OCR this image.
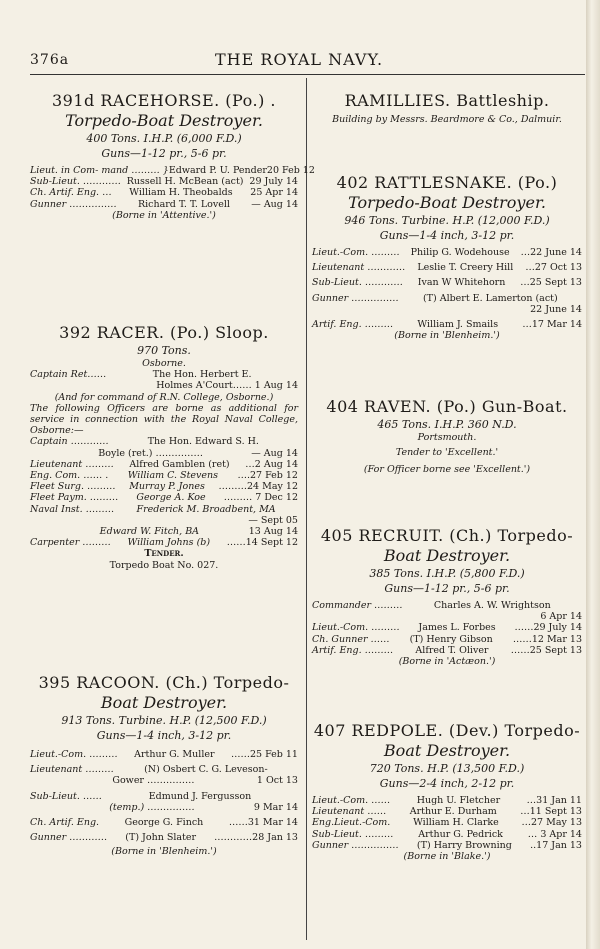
376a	THE ROYAL NAVY.
391d RACEHORSE. (Po.) .
Torpedo-Boat Destroyer.
400 Tons. I.H.P. (6,000 F.D.)
Guns—1-12 pr., 5-6 pr.
Lieut. in Com- mand ……… } Edward P. U. Pender 20 Feb 12
Sub-Lieut. ………… Russell H. McBean (act) 29 July 14
Ch. Artif. Eng. … William H. Theobalds 25 Apr 14
Gunner …………… Richard T. T. Lovell — Aug 14
(Borne in 'Attentive.')
392 RACER. (Po.) Sloop.
970 Tons.
Osborne.
Captain Ret……	The Hon. Herbert E.
Holmes A'Court…… 1 Aug 14
(And for command of R.N. College, Osborne.)
The following Officers are borne as additional for service in connection with the Royal Naval College, Osborne:—
Captain …………	The Hon. Edward S. H.
Boyle (ret.) ……………	— Aug 14
Lieutenant ……… Alfred Gamblen (ret) …2 Aug 14
Eng. Com. …… . William C. Stevens ….27 Feb 12
Fleet Surg. ……… Murray P. Jones ………24 May 12
Fleet Paym. ……… George A. Koe ……… 7 Dec 12
Naval Inst. ……… Frederick M. Broadbent, MA
— Sept 05
Edward W. Fitch, BA	13 Aug 14
Carpenter ……… William Johns (b) ……14 Sept 12
Tender.
Torpedo Boat No. 027.
395 RACOON. (Ch.) Torpedo-
Boat Destroyer.
913 Tons. Turbine. H.P. (12,500 F.D.)
Guns—1-4 inch, 3-12 pr.
Lieut.-Com. ……… Arthur G. Muller ……25 Feb 11
Lieutenant ………	(N) Osbert C. G. Leveson-
Gower ……………	1 Oct 13
Sub-Lieut. ……	Edmund J. Fergusson
(temp.) ……………	9 Mar 14
Ch. Artif. Eng.	George G. Finch	……31 Mar 14
Gunner ………… (T) John Slater …………28 Jan 13
(Borne in 'Blenheim.')
RAMILLIES. Battleship.
Building by Messrs. Beardmore & Co., Dalmuir.
402 RATTLESNAKE. (Po.)
Torpedo-Boat Destroyer.
946 Tons. Turbine. H.P. (12,000 F.D.)
Guns—1-4 inch, 3-12 pr.
Lieut.-Com. ……… Philip G. Wodehouse …22 June 14
Lieutenant ………… Leslie T. Creery Hill …27 Oct 13
Sub-Lieut. ………… Ivan W Whitehorn …25 Sept 13
Gunner ……………	(T) Albert E. Lamerton (act)
22 June 14
Artif. Eng. ………	William J. Smails	…17 Mar 14
(Borne in 'Blenheim.')
404 RAVEN. (Po.) Gun-Boat.
465 Tons. I.H.P. 360 N.D.
Portsmouth.
Tender to 'Excellent.'
(For Officer borne see 'Excellent.')
405 RECRUIT. (Ch.) Torpedo-
Boat Destroyer.
385 Tons. I.H.P. (5,800 F.D.)
Guns—1-12 pr., 5-6 pr.
Commander ………	Charles A. W. Wrightson
6 Apr 14
Lieut.-Com. ……… James L. Forbes ……29 July 14
Ch. Gunner …… (T) Henry Gibson ……12 Mar 13
Artif. Eng. ……… Alfred T. Oliver ……25 Sept 13
(Borne in 'Actæon.')
407 REDPOLE. (Dev.) Torpedo-
Boat Destroyer.
720 Tons. H.P. (13,500 F.D.)
Guns—2-4 inch, 2-12 pr.
Lieut.-Com. ……	Hugh U. Fletcher	…31 Jan 11
Lieutenant …… Arthur E. Durham …11 Sept 13
Eng.Lieut.-Com. William H. Clarke …27 May 13
Sub-Lieut. ………	Arthur G. Pedrick	… 3 Apr 14
Gunner …………… (T) Harry Browning ..17 Jan 13
(Borne in 'Blake.')
